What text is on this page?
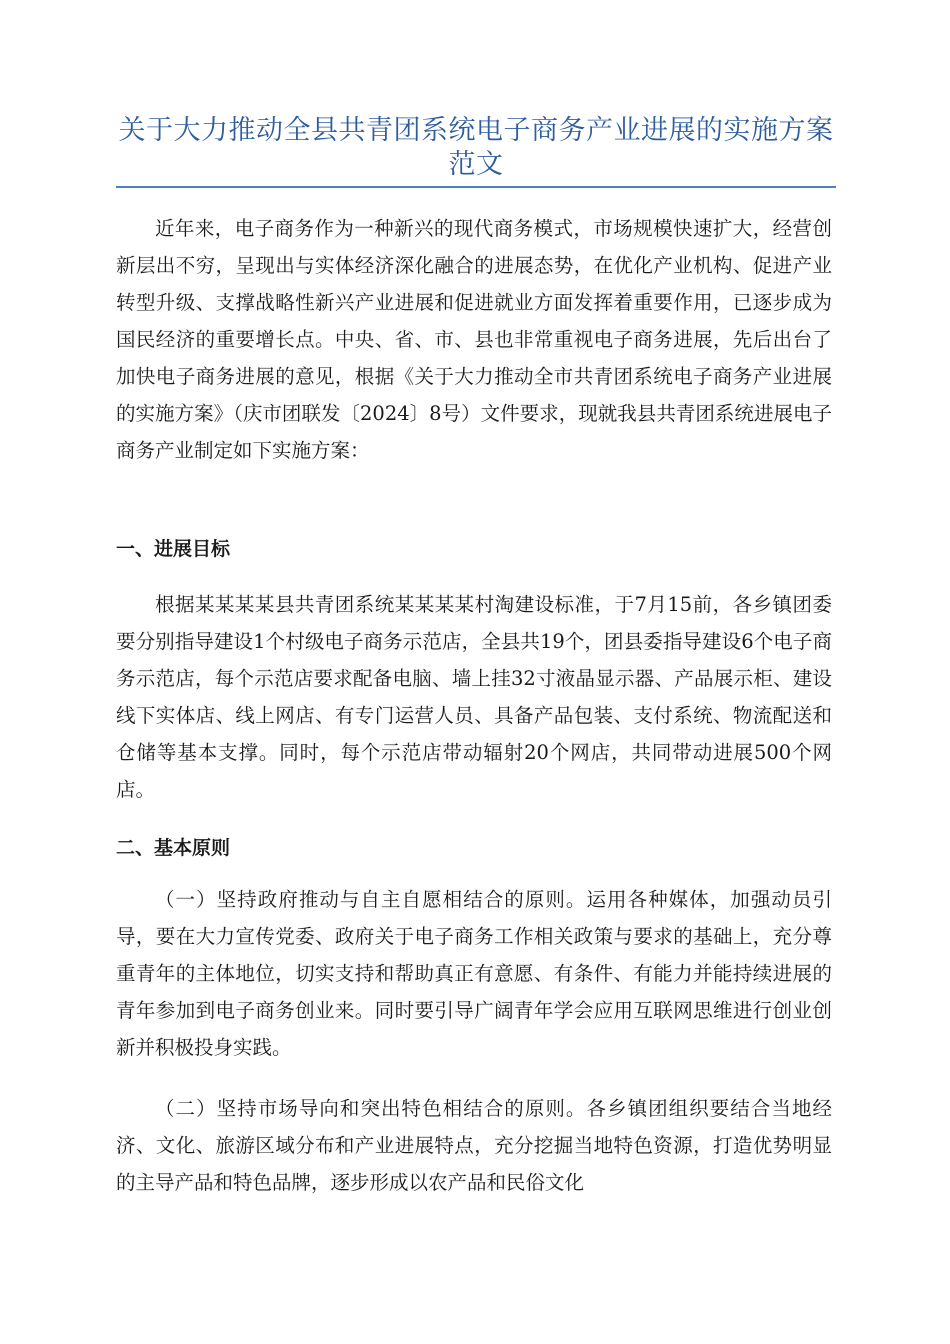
关于大力推动全县共青团系统电子商务产业进展的实施方案范文

近年来，电子商务作为一种新兴的现代商务模式，市场规模快速扩大，经营创新层出不穷，呈现出与实体经济深化融合的进展态势，在优化产业机构、促进产业转型升级、支撑战略性新兴产业进展和促进就业方面发挥着重要作用，已逐步成为国民经济的重要增长点。中央、省、市、县也非常重视电子商务进展，先后出台了加快电子商务进展的意见，根据《关于大力推动全市共青团系统电子商务产业进展的实施方案》（庆市团联发〔2024〕8号）文件要求，现就我县共青团系统进展电子商务产业制定如下实施方案：

一、进展目标

根据某某某某县共青团系统某某某某村淘建设标准，于7月15前，各乡镇团委要分别指导建设1个村级电子商务示范店，全县共19个，团县委指导建设6个电子商务示范店，每个示范店要求配备电脑、墙上挂32寸液晶显示器、产品展示柜、建设线下实体店、线上网店、有专门运营人员、具备产品包装、支付系统、物流配送和仓储等基本支撑。同时，每个示范店带动辐射20个网店，共同带动进展500个网店。

二、基本原则

（一）坚持政府推动与自主自愿相结合的原则。运用各种媒体，加强动员引导，要在大力宣传党委、政府关于电子商务工作相关政策与要求的基础上，充分尊重青年的主体地位，切实支持和帮助真正有意愿、有条件、有能力并能持续进展的青年参加到电子商务创业来。同时要引导广阔青年学会应用互联网思维进行创业创新并积极投身实践。

（二）坚持市场导向和突出特色相结合的原则。各乡镇团组织要结合当地经济、文化、旅游区域分布和产业进展特点，充分挖掘当地特色资源，打造优势明显的主导产品和特色品牌，逐步形成以农产品和民俗文化
